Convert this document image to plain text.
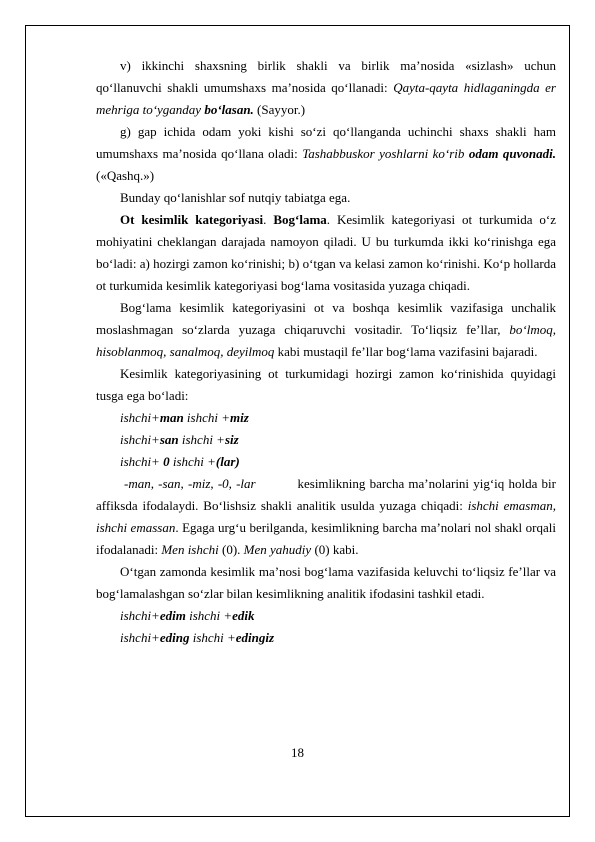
v) ikkinchi shaxsning birlik shakli va birlik ma’nosida «sizlash» uchun qo‘llanuvchi shakli umumshaxs ma’nosida qo‘llanadi: Qayta-qayta hidlaganingda er mehriga to‘yganday bo‘lasan. (Sayyor.)

g) gap ichida odam yoki kishi so‘zi qo‘llanganda uchinchi shaxs shakli ham umumshaxs ma’nosida qo‘llana oladi: Tashabbuskor yoshlarni ko‘rib odam quvonadi. («Qashq.»)

Bunday qo‘lanishlar sof nutqiy tabiatga ega.

Ot kesimlik kategoriyasi. Bog‘lama. Kesimlik kategoriyasi ot turkumida o‘z mohiyatini cheklangan darajada namoyon qiladi. U bu turkumda ikki ko‘rinishga ega bo‘ladi: a) hozirgi zamon ko‘rinishi; b) o‘tgan va kelasi zamon ko‘rinishi. Ko‘p hollarda ot turkumida kesimlik kategoriyasi bog‘lama vositasida yuzaga chiqadi.

Bog‘lama kesimlik kategoriyasini ot va boshqa kesimlik vazifasiga unchalik moslashmagan so‘zlarda yuzaga chiqaruvchi vositadir. To‘liqsiz fe’llar, bo‘lmoq, hisoblanmoq, sanalmoq, deyilmoq kabi mustaqil fe’llar bog‘lama vazifasini bajaradi.

Kesimlik kategoriyasining ot turkumidagi hozirgi zamon ko‘rinishida quyidagi tusga ega bo‘ladi:

ishchi+man ishchi +miz

ishchi+san ishchi +siz

ishchi+ 0 ishchi +(lar)

-man, -san, -miz, -0, -lar          kesimlikning barcha ma’nolarini yig‘iq holda bir affiksda ifodalaydi. Bo‘lishsiz shakli analitik usulda yuzaga chiqadi: ishchi emasman, ishchi emassan. Egaga urg‘u berilganda, kesimlikning barcha ma’nolari nol shakl orqali ifodalanadi: Men ishchi (0). Men yahudiy (0) kabi.

O‘tgan zamonda kesimlik ma’nosi bog‘lama vazifasida keluvchi to‘liqsiz fe’llar va bog‘lamalashgan so‘zlar bilan kesimlikning analitik ifodasini tashkil etadi.

ishchi+edim ishchi +edik

ishchi+eding ishchi +edingiz

18
